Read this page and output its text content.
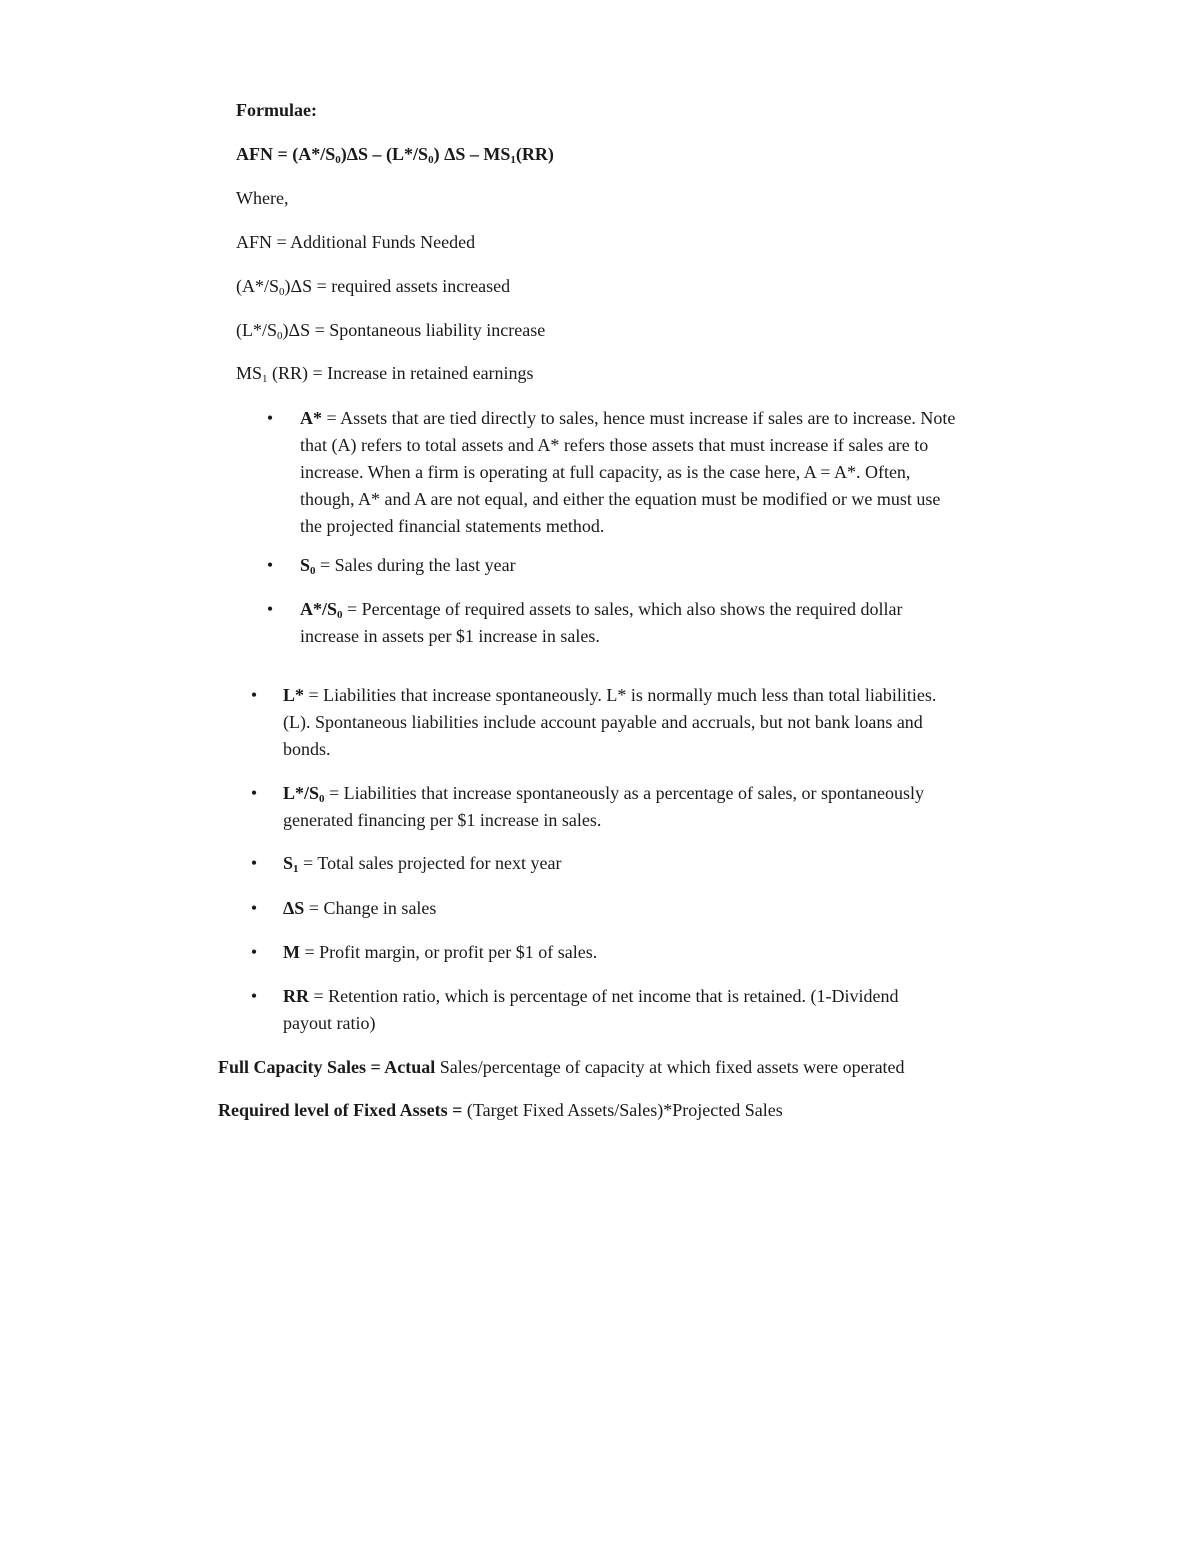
Formulae:

AFN = $(A*/S_0)\Delta S - (L*/S_0)$ ΔS – $MS_1(RR)$

Where,

AFN = Additional Funds Needed

$(A*/S_0)\Delta S$ = required assets increased

$(L*/S_0)\Delta S$ = Spontaneous liability increase

$MS_1$ (RR) = Increase in retained earnings

• A* = Assets that are tied directly to sales, hence must increase if sales are to increase. Note
that (A) refers to total assets and A* refers those assets that must increase if sales are to
increase. When a firm is operating at full capacity, as is the case here, A = A*. Often,
though, A* and A are not equal, and either the equation must be modified or we must use
the projected financial statements method.
• $S_0$ = Sales during the last year
• $A*/S_0$ = Percentage of required assets to sales, which also shows the required dollar
increase in assets per $1 increase in sales.
• L* = Liabilities that increase spontaneously. L* is normally much less than total liabilities.
(L). Spontaneous liabilities include account payable and accruals, but not bank loans and
bonds.
• $L*/S_0$ = Liabilities that increase spontaneously as a percentage of sales, or spontaneously
generated financing per $1 increase in sales.
• $S_1$ = Total sales projected for next year
• ΔS = Change in sales
• M = Profit margin, or profit per $1 of sales.
• RR = Retention ratio, which is percentage of net income that is retained. (1-Dividend
payout ratio)

Full Capacity Sales = Actual Sales/percentage of capacity at which fixed assets were operated

Required level of Fixed Assets = (Target Fixed Assets/Sales)*Projected Sales
